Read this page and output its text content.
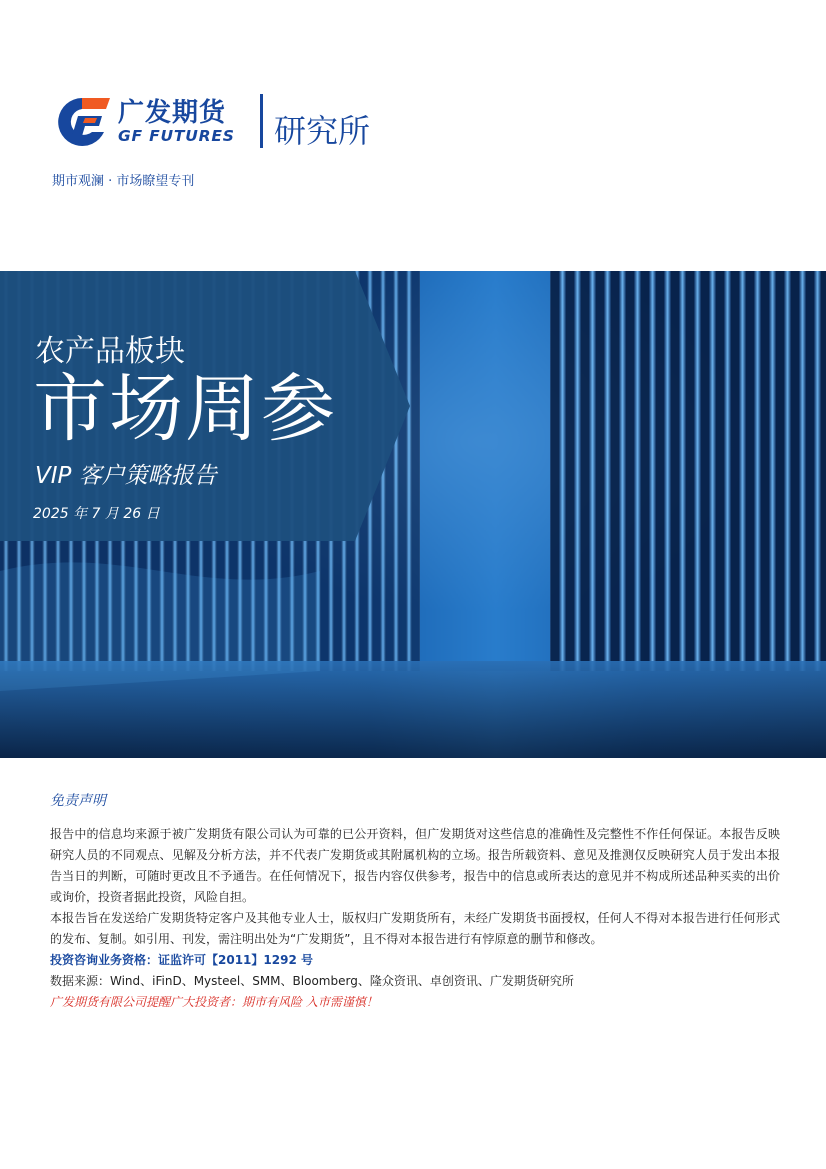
广发期货
GF FUTURES 研究所
期市观澜 · 市场瞭望专刊
农产品板块
市场周参
VIP 客户策略报告
2025 年 7 月 26 日
免责声明

报告中的信息均来源于被广发期货有限公司认为可靠的已公开资料，但广发期货对这些信息的准确性及完整性不作任何保证。本报告反映研究人员的不同观点、见解及分析方法，并不代表广发期货或其附属机构的立场。报告所载资料、意见及推测仅反映研究人员于发出本报告当日的判断，可随时更改且不予通告。在任何情况下，报告内容仅供参考，报告中的信息或所表达的意见并不构成所述品种买卖的出价或询价，投资者据此投资，风险自担。

本报告旨在发送给广发期货特定客户及其他专业人士，版权归广发期货所有，未经广发期货书面授权，任何人不得对本报告进行任何形式的发布、复制。如引用、刊发，需注明出处为“广发期货”，且不得对本报告进行有悖原意的删节和修改。

投资咨询业务资格：证监许可【2011】1292 号
数据来源：Wind、iFinD、Mysteel、SMM、Bloomberg、隆众资讯、卓创资讯、广发期货研究所
广发期货有限公司提醒广大投资者：期市有风险 入市需谨慎！
